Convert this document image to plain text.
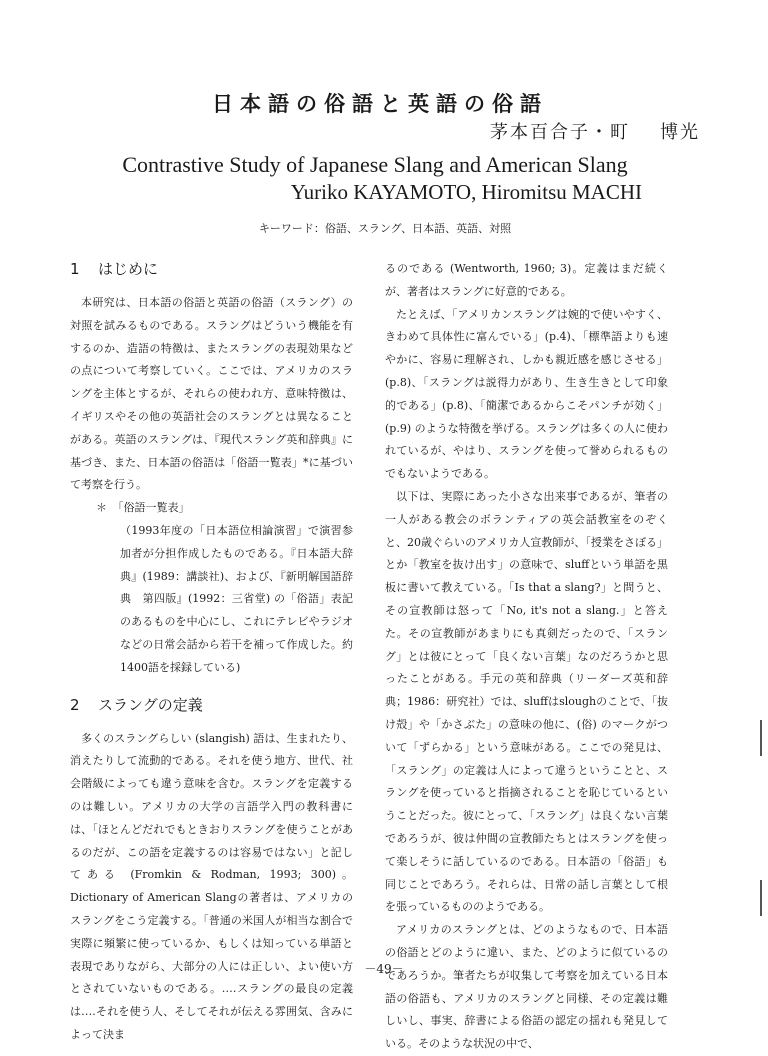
日本語の俗語と英語の俗語

茅本百合子・町 博光

Contrastive Study of Japanese Slang and American Slang

Yuriko KAYAMOTO, Hiromitsu MACHI

キーワード：俗語、スラング、日本語、英語、対照

1 はじめに

本研究は、日本語の俗語と英語の俗語（スラング）の対照を試みるものである。スラングはどういう機能を有するのか、造語の特徴は、またスラングの表現効果などの点について考察していく。ここでは、アメリカのスラングを主体とするが、それらの使われ方、意味特徴は、イギリスやその他の英語社会のスラングとは異なることがある。英語のスラングは、『現代スラング英和辞典』に基づき、また、日本語の俗語は「俗語一覧表」*に基づいて考察を行う。

＊　「俗語一覧表」

（1993年度の「日本語位相論演習」で演習参加者が分担作成したものである。『日本語大辞典』(1989：講談社)、および、『新明解国語辞典　第四版』(1992：三省堂) の「俗語」表記のあるものを中心にし、これにテレビやラジオなどの日常会話から若干を補って作成した。約1400語を採録している)

2 スラングの定義

多くのスラングらしい (slangish) 語は、生まれたり、消えたりして流動的である。それを使う地方、世代、社会階級によっても違う意味を含む。スラングを定義するのは難しい。アメリカの大学の言語学入門の教科書には、「ほとんどだれでもときおりスラングを使うことがあるのだが、この語を定義するのは容易ではない」と記してある (Fromkin & Rodman, 1993; 300)。Dictionary of American Slangの著者は、アメリカのスラングをこう定義する。「普通の米国人が相当な割合で実際に頻繁に使っているか、もしくは知っている単語と表現でありながら、大部分の人には正しい、よい使い方とされていないものである。‥‥スラングの最良の定義は‥‥それを使う人、そしてそれが伝える雰囲気、含みによって決ま

るのである (Wentworth, 1960; 3)。定義はまだ続くが、著者はスラングに好意的である。

たとえば、「アメリカンスラングは婉的で使いやすく、きわめて具体性に富んでいる」(p.4)、「標準語よりも速やかに、容易に理解され、しかも親近感を感じさせる」(p.8)、「スラングは説得力があり、生き生きとして印象的である」(p.8)、「簡潔であるからこそパンチが効く」(p.9) のような特徴を挙げる。スラングは多くの人に使われているが、やはり、スラングを使って誉められるものでもないようである。

以下は、実際にあった小さな出来事であるが、筆者の一人がある教会のボランティアの英会話教室をのぞくと、20歳ぐらいのアメリカ人宣教師が、「授業をさぼる」とか「教室を抜け出す」の意味で、sluffという単語を黒板に書いて教えている。「Is that a slang?」と問うと、その宣教師は怒って「No, it's not a slang.」と答えた。その宣教師があまりにも真剣だったので、「スラング」とは彼にとって「良くない言葉」なのだろうかと思ったことがある。手元の英和辞典（リーダーズ英和辞典；1986：研究社）では、sluffはsloughのことで、「抜け殻」や「かさぶた」の意味の他に、(俗) のマークがついて「ずらかる」という意味がある。ここでの発見は、「スラング」の定義は人によって違うということと、スラングを使っていると指摘されることを恥じているということだった。彼にとって、「スラング」は良くない言葉であろうが、彼は仲間の宣教師たちとはスラングを使って楽しそうに話しているのである。日本語の「俗語」も同じことであろう。それらは、日常の話し言葉として根を張っているもののようである。

アメリカのスラングとは、どのようなもので、日本語の俗語とどのように違い、また、どのように似ているのであろうか。筆者たちが収集して考察を加えている日本語の俗語も、アメリカのスラングと同様、その定義は難しいし、事実、辞書による俗語の認定の揺れも発見している。そのような状況の中で、

－49－
